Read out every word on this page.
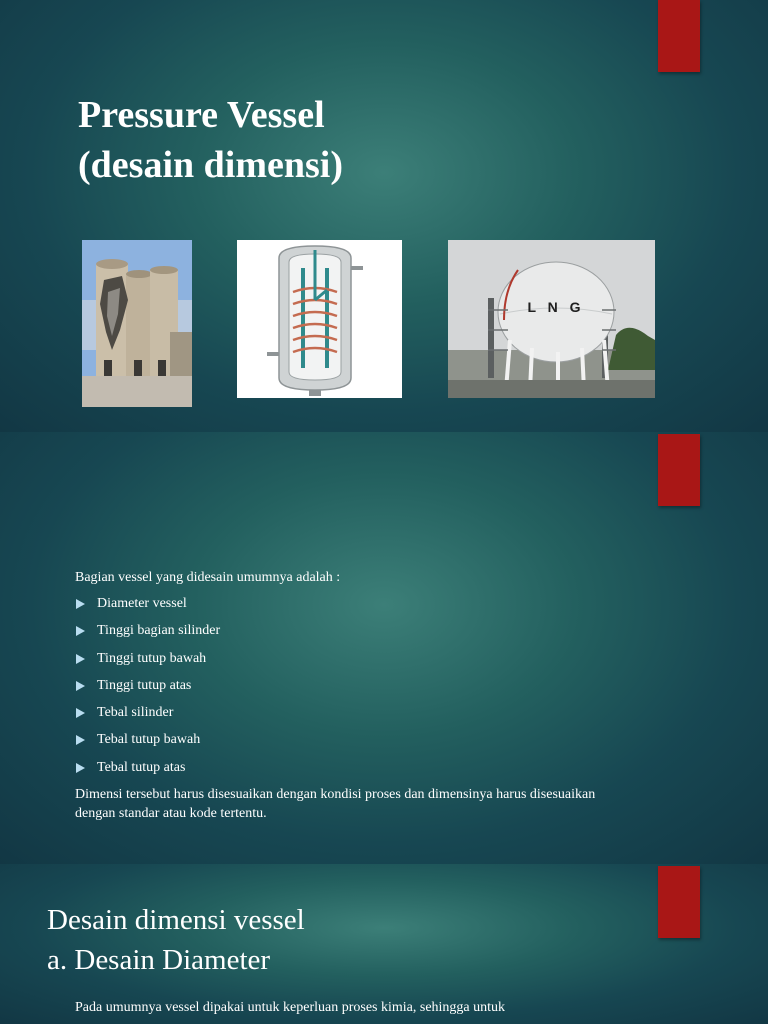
Pressure Vessel
(desain dimensi)
L N G

Bagian vessel yang didesain umumnya adalah :

Diameter vessel
Tinggi bagian silinder
Tinggi tutup bawah
Tinggi tutup atas
Tebal silinder
Tebal tutup bawah
Tebal tutup atas

Dimensi tersebut harus disesuaikan dengan kondisi proses dan dimensinya harus disesuaikan dengan standar atau kode tertentu.

Desain dimensi vessel
a. Desain Diameter

Pada umumnya vessel dipakai untuk keperluan proses kimia, sehingga untuk
